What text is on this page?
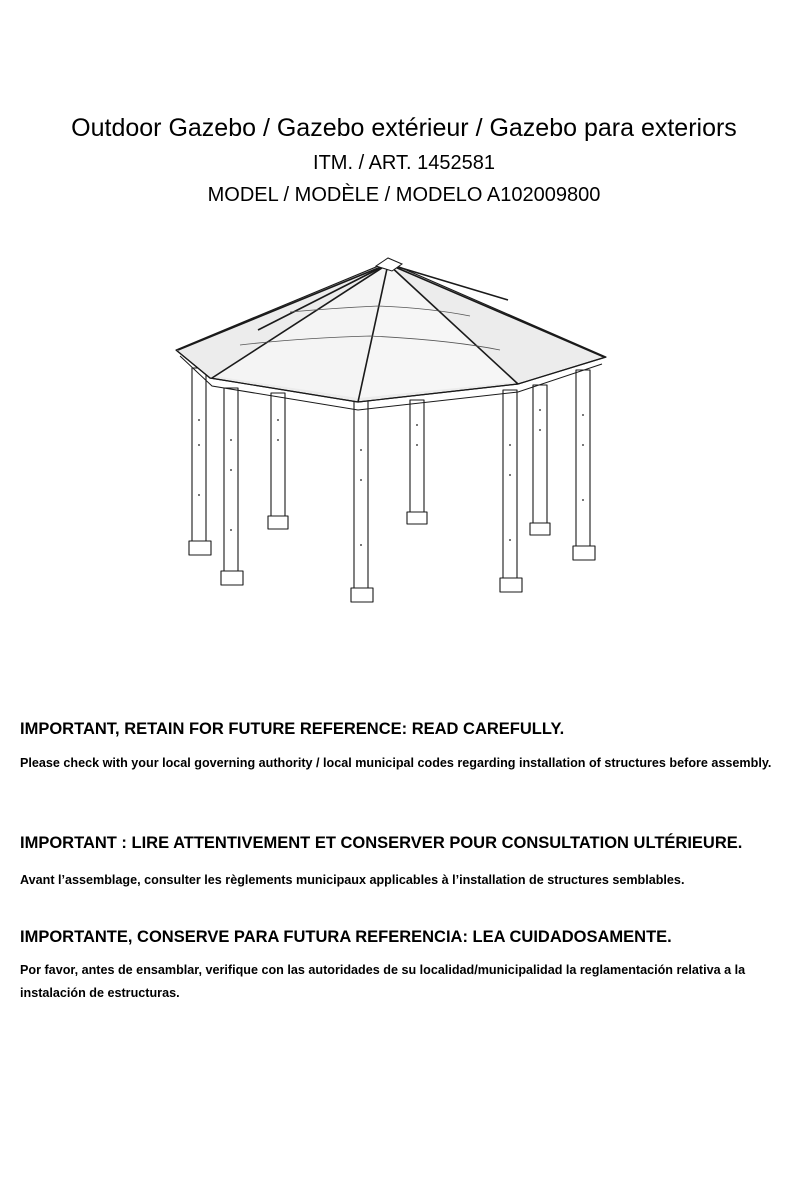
Outdoor Gazebo / Gazebo extérieur / Gazebo para exteriors
ITM. / ART. 1452581
MODEL / MODÈLE / MODELO A102009800
IMPORTANT, RETAIN FOR FUTURE REFERENCE: READ CAREFULLY.
Please check with your local governing authority / local municipal codes regarding installation of structures before assembly.
IMPORTANT : LIRE ATTENTIVEMENT ET CONSERVER POUR CONSULTATION ULTÉRIEURE.
Avant l’assemblage, consulter les règlements municipaux applicables à l’installation de structures semblables.
IMPORTANTE, CONSERVE PARA FUTURA REFERENCIA: LEA CUIDADOSAMENTE.
Por favor, antes de ensamblar, verifique con las autoridades de su localidad/municipalidad la reglamentación relativa a la instalación de estructuras.
